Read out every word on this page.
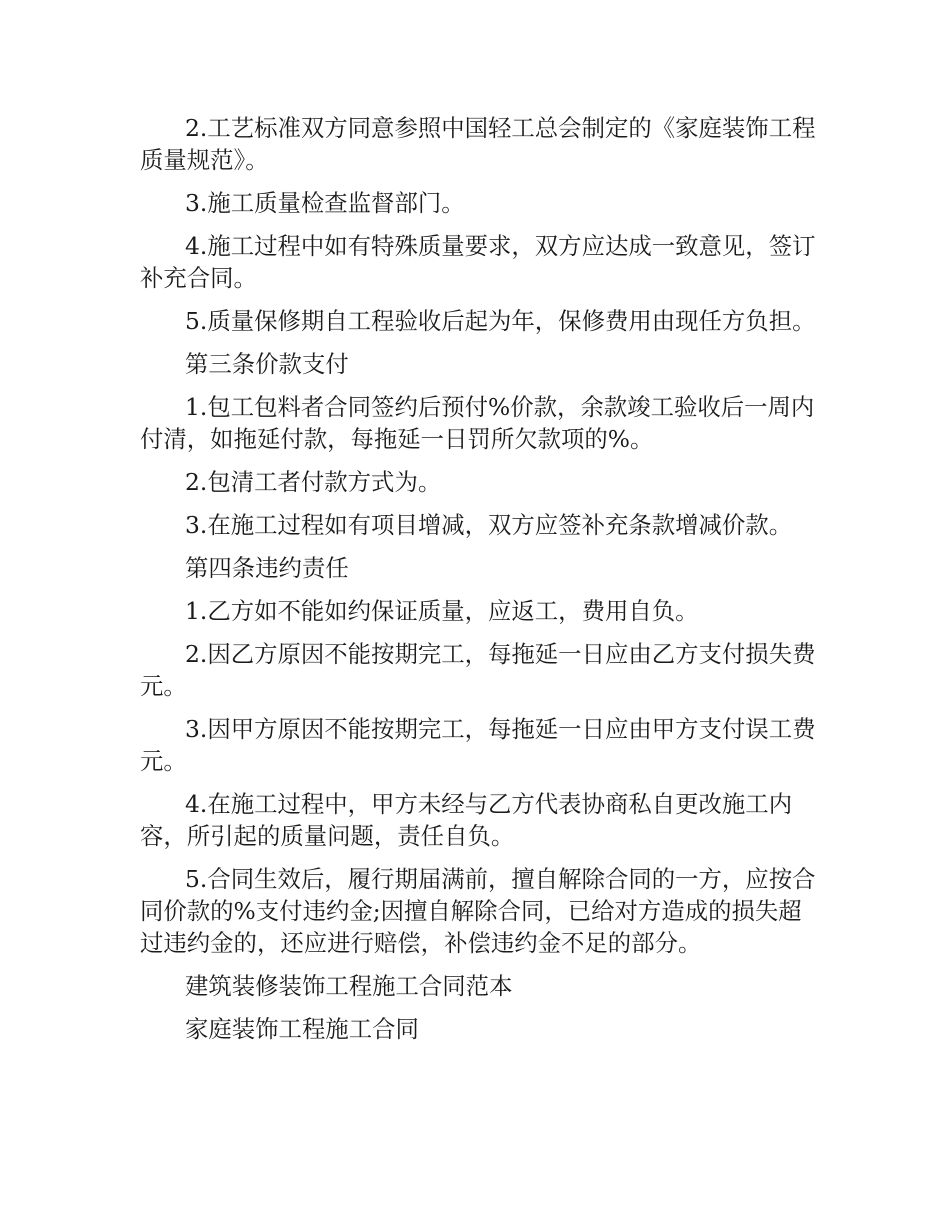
2.工艺标准双方同意参照中国轻工总会制定的《家庭装饰工程质量规范》。

3.施工质量检查监督部门。

4.施工过程中如有特殊质量要求，双方应达成一致意见，签订补充合同。

5.质量保修期自工程验收后起为年，保修费用由现任方负担。

第三条价款支付

1.包工包料者合同签约后预付%价款，余款竣工验收后一周内付清，如拖延付款，每拖延一日罚所欠款项的%。

2.包清工者付款方式为。

3.在施工过程如有项目增减，双方应签补充条款增减价款。

第四条违约责任

1.乙方如不能如约保证质量，应返工，费用自负。

2.因乙方原因不能按期完工，每拖延一日应由乙方支付损失费元。

3.因甲方原因不能按期完工，每拖延一日应由甲方支付误工费元。

4.在施工过程中，甲方未经与乙方代表协商私自更改施工内容，所引起的质量问题，责任自负。

5.合同生效后，履行期届满前，擅自解除合同的一方，应按合同价款的%支付违约金;因擅自解除合同，已给对方造成的损失超过违约金的，还应进行赔偿，补偿违约金不足的部分。

建筑装修装饰工程施工合同范本

家庭装饰工程施工合同
